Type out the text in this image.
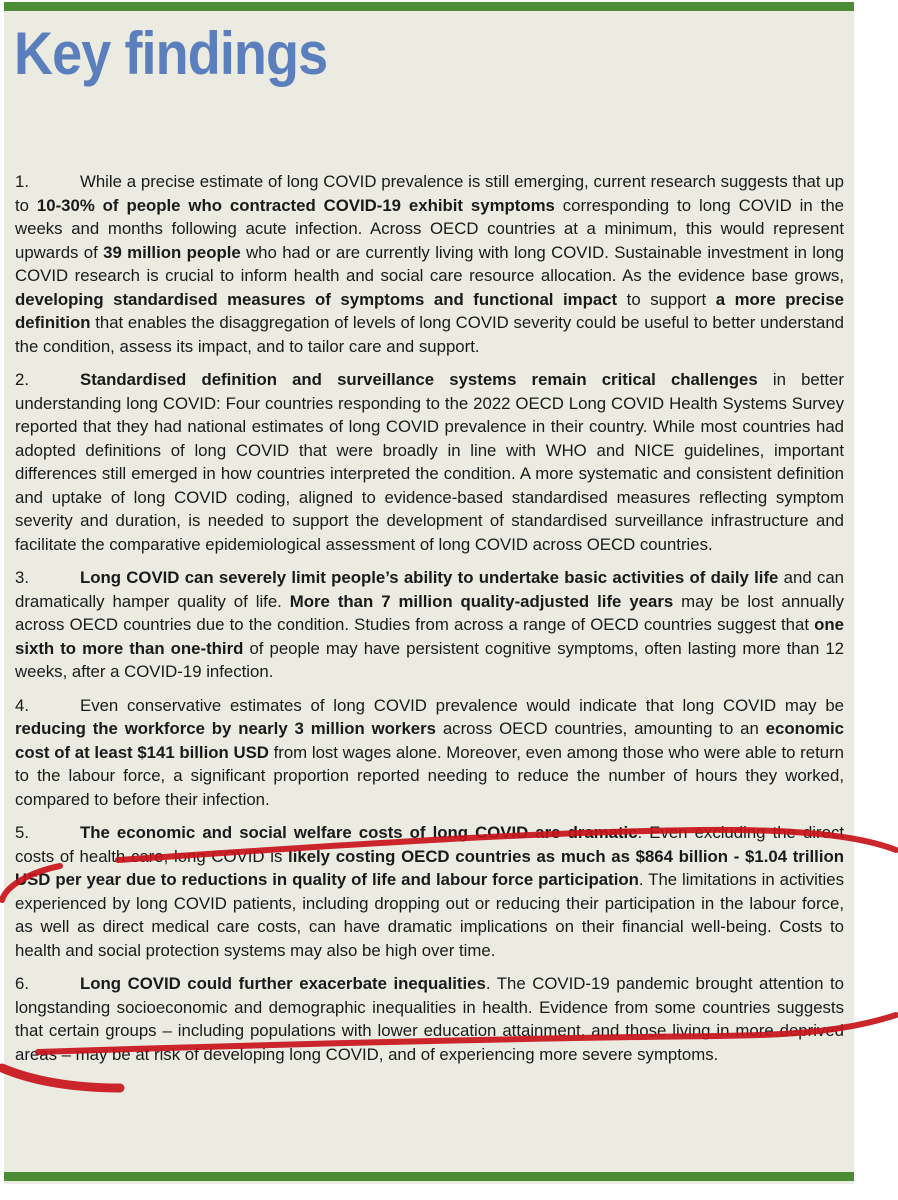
Key findings

1.	While a precise estimate of long COVID prevalence is still emerging, current research suggests that up to 10-30% of people who contracted COVID-19 exhibit symptoms corresponding to long COVID in the weeks and months following acute infection. Across OECD countries at a minimum, this would represent upwards of 39 million people who had or are currently living with long COVID. Sustainable investment in long COVID research is crucial to inform health and social care resource allocation. As the evidence base grows, developing standardised measures of symptoms and functional impact to support a more precise definition that enables the disaggregation of levels of long COVID severity could be useful to better understand the condition, assess its impact, and to tailor care and support.

2.	Standardised definition and surveillance systems remain critical challenges in better understanding long COVID: Four countries responding to the 2022 OECD Long COVID Health Systems Survey reported that they had national estimates of long COVID prevalence in their country. While most countries had adopted definitions of long COVID that were broadly in line with WHO and NICE guidelines, important differences still emerged in how countries interpreted the condition. A more systematic and consistent definition and uptake of long COVID coding, aligned to evidence-based standardised measures reflecting symptom severity and duration, is needed to support the development of standardised surveillance infrastructure and facilitate the comparative epidemiological assessment of long COVID across OECD countries.

3.	Long COVID can severely limit people’s ability to undertake basic activities of daily life and can dramatically hamper quality of life. More than 7 million quality-adjusted life years may be lost annually across OECD countries due to the condition. Studies from across a range of OECD countries suggest that one sixth to more than one-third of people may have persistent cognitive symptoms, often lasting more than 12 weeks, after a COVID-19 infection.

4.	Even conservative estimates of long COVID prevalence would indicate that long COVID may be reducing the workforce by nearly 3 million workers across OECD countries, amounting to an economic cost of at least $141 billion USD from lost wages alone. Moreover, even among those who were able to return to the labour force, a significant proportion reported needing to reduce the number of hours they worked, compared to before their infection.

5.	The economic and social welfare costs of long COVID are dramatic: Even excluding the direct costs of health care, long COVID is likely costing OECD countries as much as $864 billion - $1.04 trillion USD per year due to reductions in quality of life and labour force participation. The limitations in activities experienced by long COVID patients, including dropping out or reducing their participation in the labour force, as well as direct medical care costs, can have dramatic implications on their financial well-being. Costs to health and social protection systems may also be high over time.

6.	Long COVID could further exacerbate inequalities. The COVID-19 pandemic brought attention to longstanding socioeconomic and demographic inequalities in health. Evidence from some countries suggests that certain groups – including populations with lower education attainment, and those living in more deprived areas – may be at risk of developing long COVID, and of experiencing more severe symptoms.
